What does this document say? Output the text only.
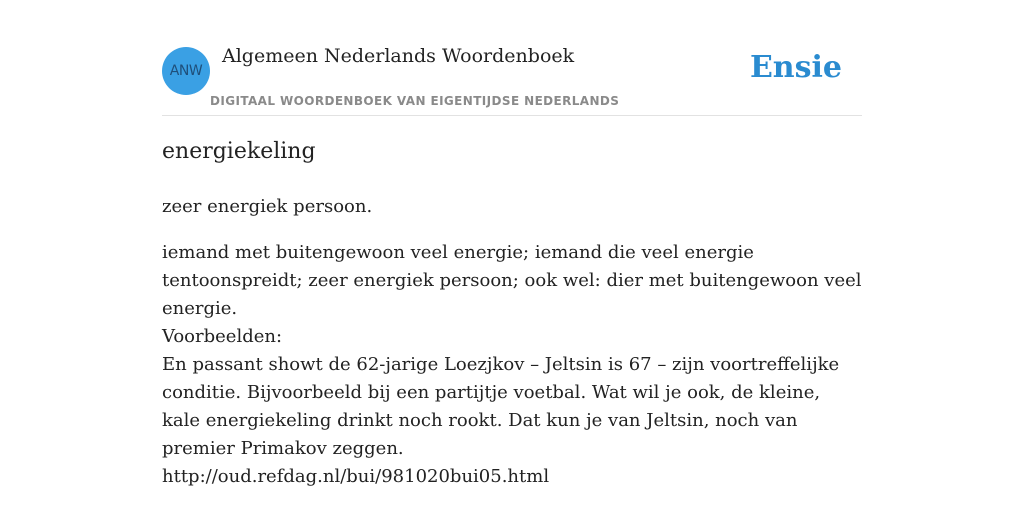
ANW
Algemeen Nederlands Woordenboek
DIGITAAL WOORDENBOEK VAN EIGENTIJDSE NEDERLANDS
Ensie
energiekeling
zeer energiek persoon.

iemand met buitengewoon veel energie; iemand die veel energie tentoonspreidt; zeer energiek persoon; ook wel: dier met buitengewoon veel energie.

Voorbeelden:

En passant showt de 62-jarige Loezjkov – Jeltsin is 67 – zijn voortreffelijke conditie. Bijvoorbeeld bij een partijtje voetbal. Wat wil je ook, de kleine, kale energiekeling drinkt noch rookt. Dat kun je van Jeltsin, noch van premier Primakov zeggen.

http://oud.refdag.nl/bui/981020bui05.html
